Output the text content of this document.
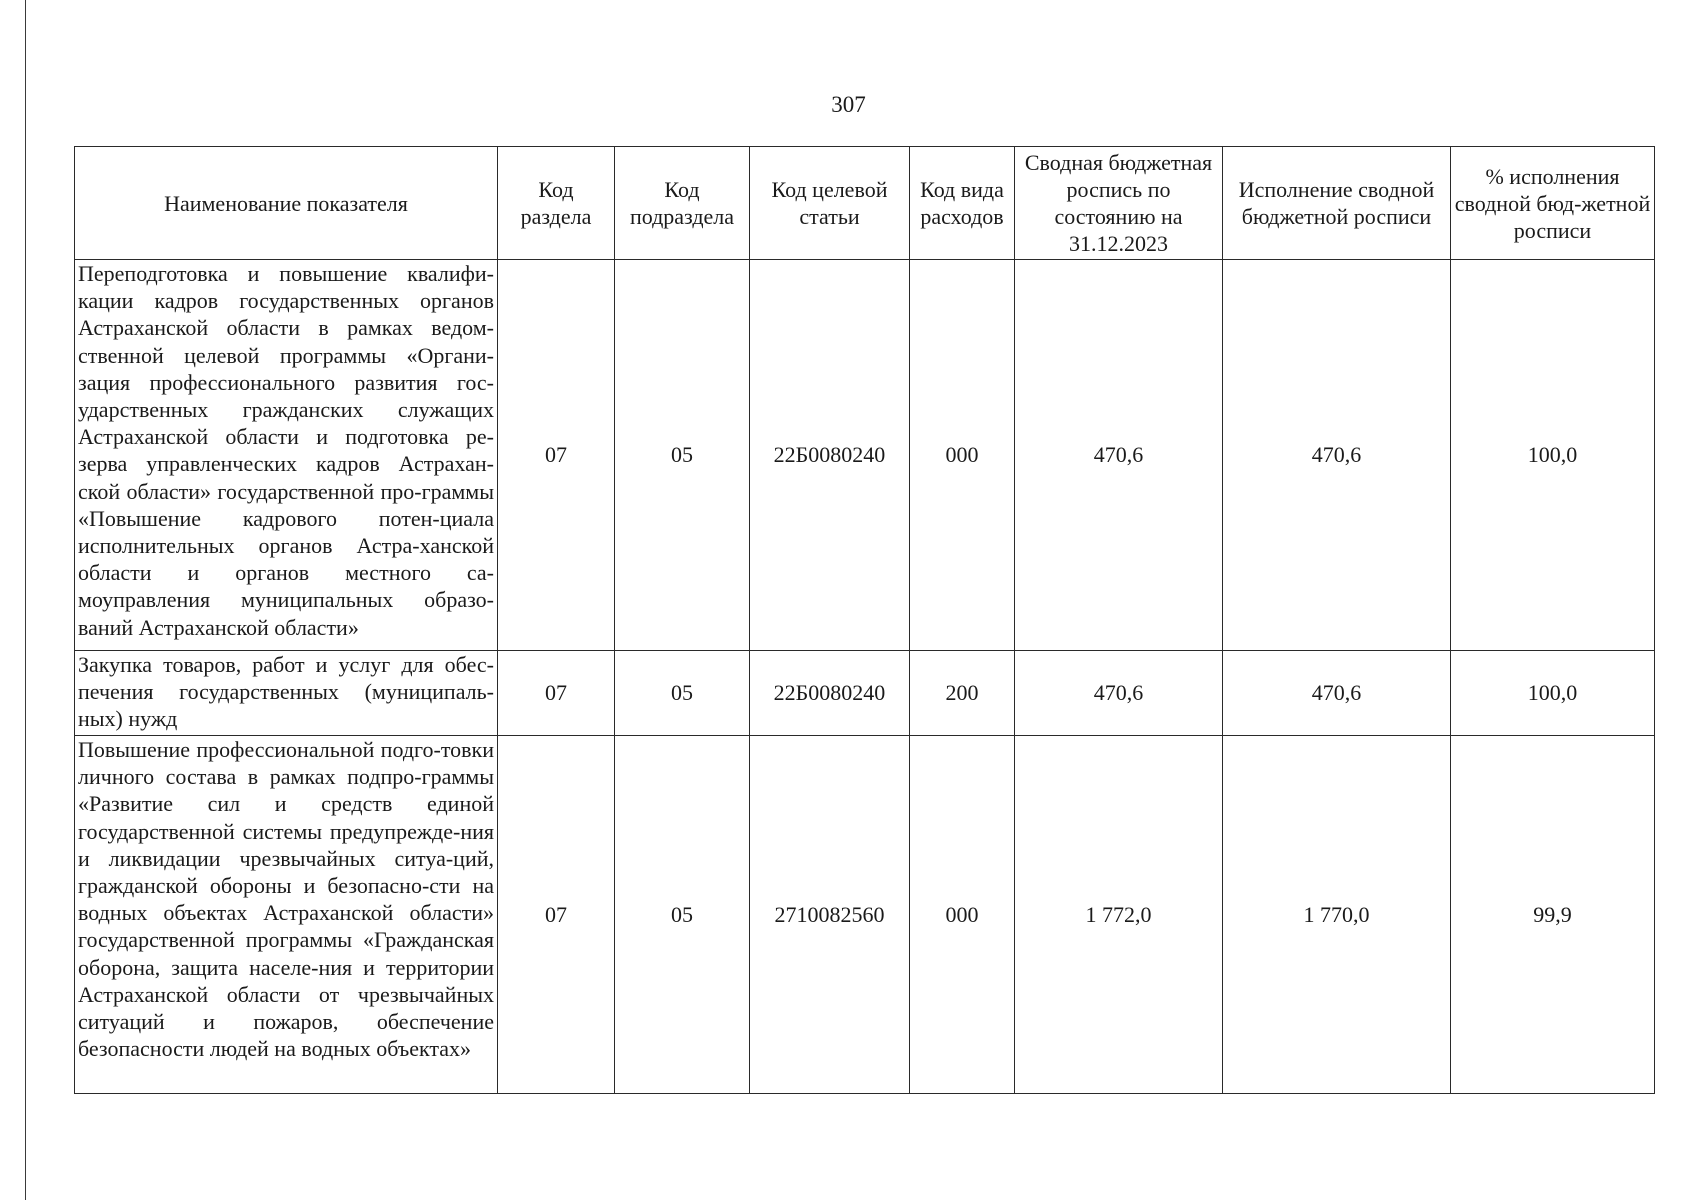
307
Наименование показателя	Код раздела	Код подраздела	Код целевой статьи	Код вида расходов	Сводная бюджетная роспись по состоянию на 31.12.2023	Исполнение сводной бюджетной росписи	% исполнения сводной бюд-жетной росписи
Переподготовка и повышение квалифи-кации кадров государственных органов Астраханской области в рамках ведом-ственной целевой программы «Органи-зация профессионального развития гос-ударственных гражданских служащих Астраханской области и подготовка ре-зерва управленческих кадров Астрахан-ской области» государственной про-граммы «Повышение кадрового потен-циала исполнительных органов Астра-ханской области и органов местного са-моуправления муниципальных образо-ваний Астраханской области»	07	05	22Б0080240	000	470,6	470,6	100,0
Закупка товаров, работ и услуг для обес-печения государственных (муниципаль-ных) нужд	07	05	22Б0080240	200	470,6	470,6	100,0
Повышение профессиональной подго-товки личного состава в рамках подпро-граммы «Развитие сил и средств единой государственной системы предупрежде-ния и ликвидации чрезвычайных ситуа-ций, гражданской обороны и безопасно-сти на водных объектах Астраханской области» государственной программы «Гражданская оборона, защита населе-ния и территории Астраханской области от чрезвычайных ситуаций и пожаров, обеспечение безопасности людей на водных объектах»	07	05	2710082560	000	1 772,0	1 770,0	99,9
